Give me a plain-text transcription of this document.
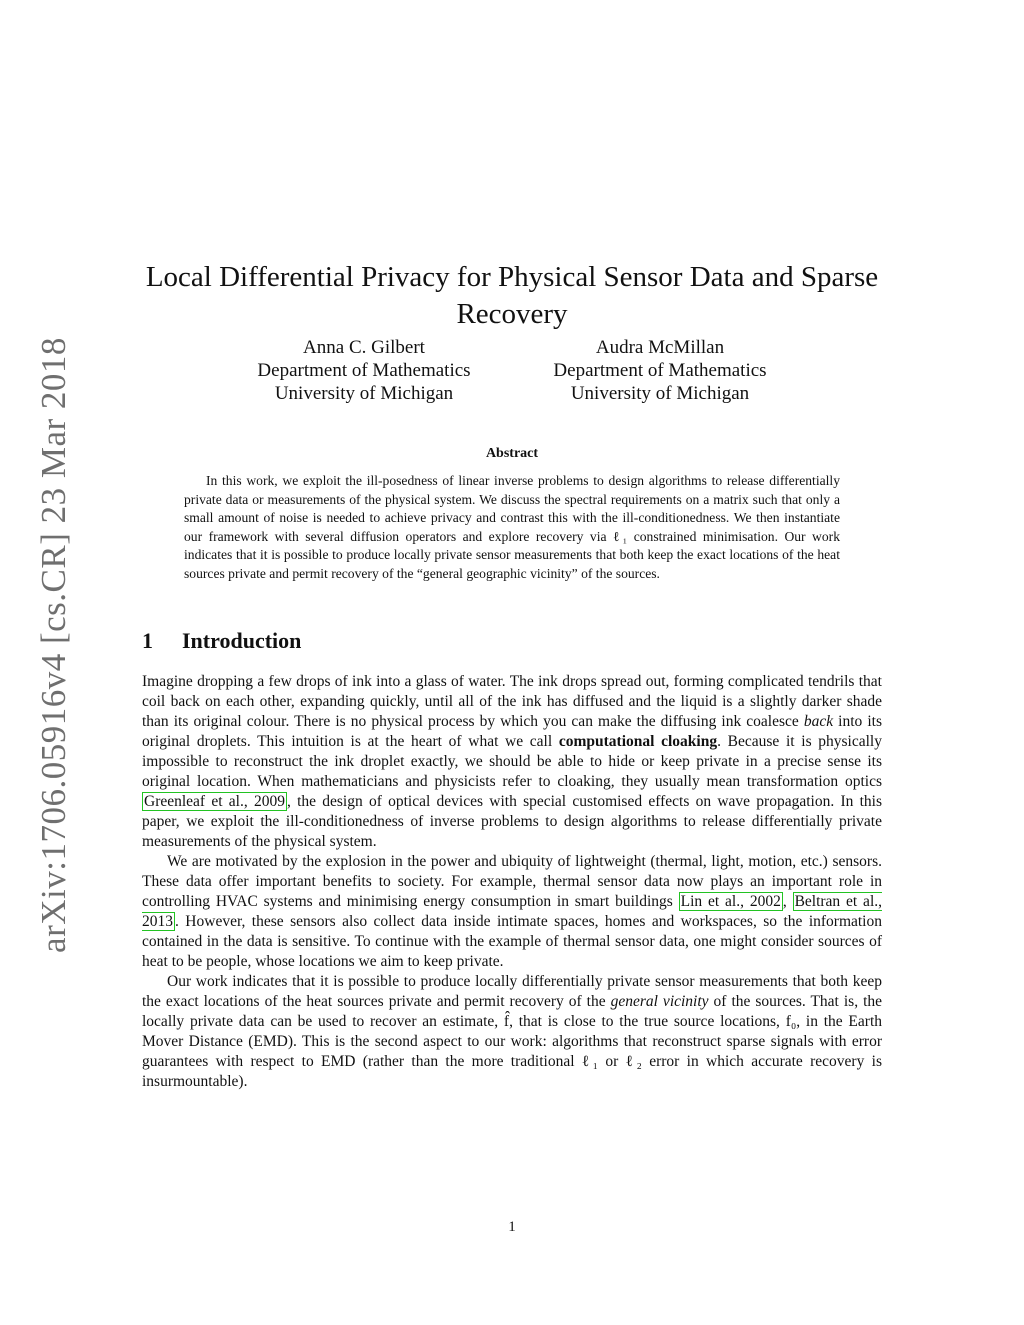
arXiv:1706.05916v4 [cs.CR] 23 Mar 2018
Local Differential Privacy for Physical Sensor Data and Sparse Recovery
Anna C. Gilbert
Department of Mathematics
University of Michigan
Audra McMillan
Department of Mathematics
University of Michigan
Abstract
In this work, we exploit the ill-posedness of linear inverse problems to design algorithms to release differentially private data or measurements of the physical system. We discuss the spectral requirements on a matrix such that only a small amount of noise is needed to achieve privacy and contrast this with the ill-conditionedness. We then instantiate our framework with several diffusion operators and explore recovery via ℓ₁ constrained minimisation. Our work indicates that it is possible to produce locally private sensor measurements that both keep the exact locations of the heat sources private and permit recovery of the “general geographic vicinity” of the sources.
1 Introduction

Imagine dropping a few drops of ink into a glass of water. The ink drops spread out, forming complicated tendrils that coil back on each other, expanding quickly, until all of the ink has diffused and the liquid is a slightly darker shade than its original colour. There is no physical process by which you can make the diffusing ink coalesce back into its original droplets. This intuition is at the heart of what we call computational cloaking. Because it is physically impossible to reconstruct the ink droplet exactly, we should be able to hide or keep private in a precise sense its original location. When mathematicians and physicists refer to cloaking, they usually mean transformation optics Greenleaf et al., 2009 , the design of optical devices with special customised effects on wave propagation. In this paper, we exploit the ill-conditionedness of inverse problems to design algorithms to release differentially private measurements of the physical system.

We are motivated by the explosion in the power and ubiquity of lightweight (thermal, light, motion, etc.) sensors. These data offer important benefits to society. For example, thermal sensor data now plays an important role in controlling HVAC systems and minimising energy consumption in smart buildings Lin et al., 2002 , Beltran et al., 2013 . However, these sensors also collect data inside intimate spaces, homes and workspaces, so the information contained in the data is sensitive. To continue with the example of thermal sensor data, one might consider sources of heat to be people, whose locations we aim to keep private.

Our work indicates that it is possible to produce locally differentially private sensor measurements that both keep the exact locations of the heat sources private and permit recovery of the general vicinity of the sources. That is, the locally private data can be used to recover an estimate, f̂, that is close to the true source locations, f₀, in the Earth Mover Distance (EMD). This is the second aspect to our work: algorithms that reconstruct sparse signals with error guarantees with respect to EMD (rather than the more traditional ℓ₁ or ℓ₂ error in which accurate recovery is insurmountable).

1
